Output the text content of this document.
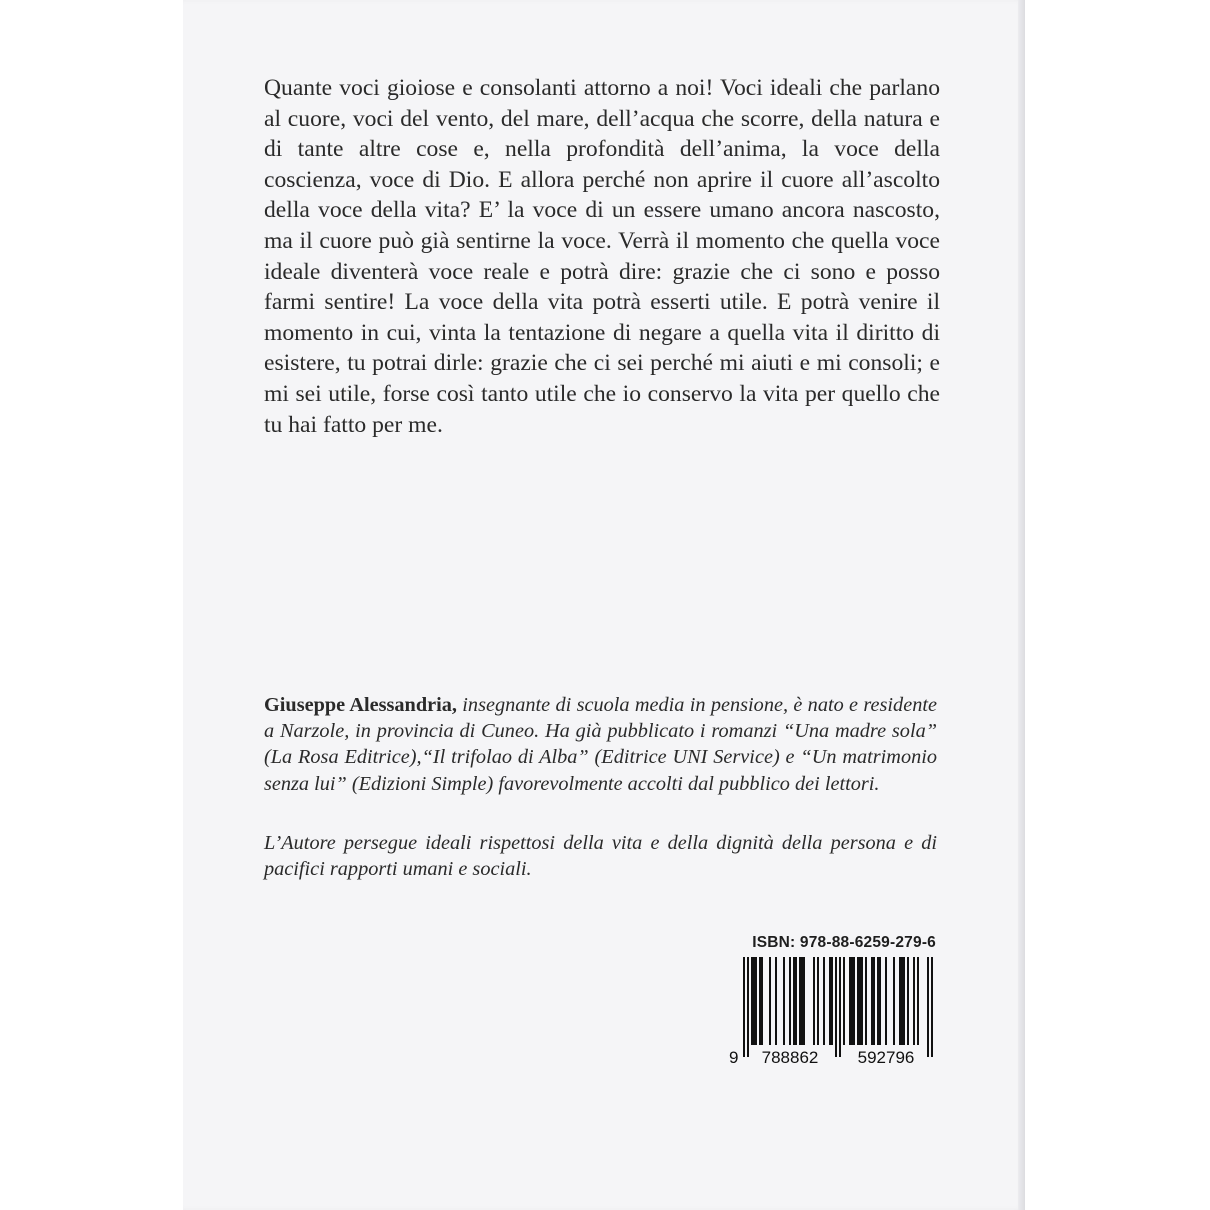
Quante voci gioiose e consolanti attorno a noi! Voci ideali che parlano al cuore, voci del vento, del mare, dell’acqua che scorre, della natura e di tante altre cose e, nella profondità dell’anima, la voce della coscienza, voce di Dio. E allora perché non aprire il cuore all’ascolto della voce della vita? E’ la voce di un essere umano ancora nascosto, ma il cuore può già sentirne la voce. Verrà il momento che quella voce ideale diventerà voce reale e potrà dire: grazie che ci sono e posso farmi sentire! La voce della vita potrà esserti utile. E potrà venire il momento in cui, vinta la tentazione di negare a quella vita il diritto di esistere, tu potrai dirle: grazie che ci sei perché mi aiuti e mi consoli; e mi sei utile, forse così tanto utile che io conservo la vita per quello che tu hai fatto per me.

Giuseppe Alessandria, insegnante di scuola media in pensione, è nato e residente a Narzole, in provincia di Cuneo. Ha già pubblicato i romanzi “Una madre sola” (La Rosa Editrice),“Il trifolao di Alba” (Editrice UNI Service) e “Un matrimonio senza lui” (Edizioni Simple) favorevolmente accolti dal pubblico dei lettori.

L’Autore persegue ideali rispettosi della vita e della dignità della persona e di pacifici rapporti umani e sociali.

ISBN: 978-88-6259-279-6
9 788862 592796
